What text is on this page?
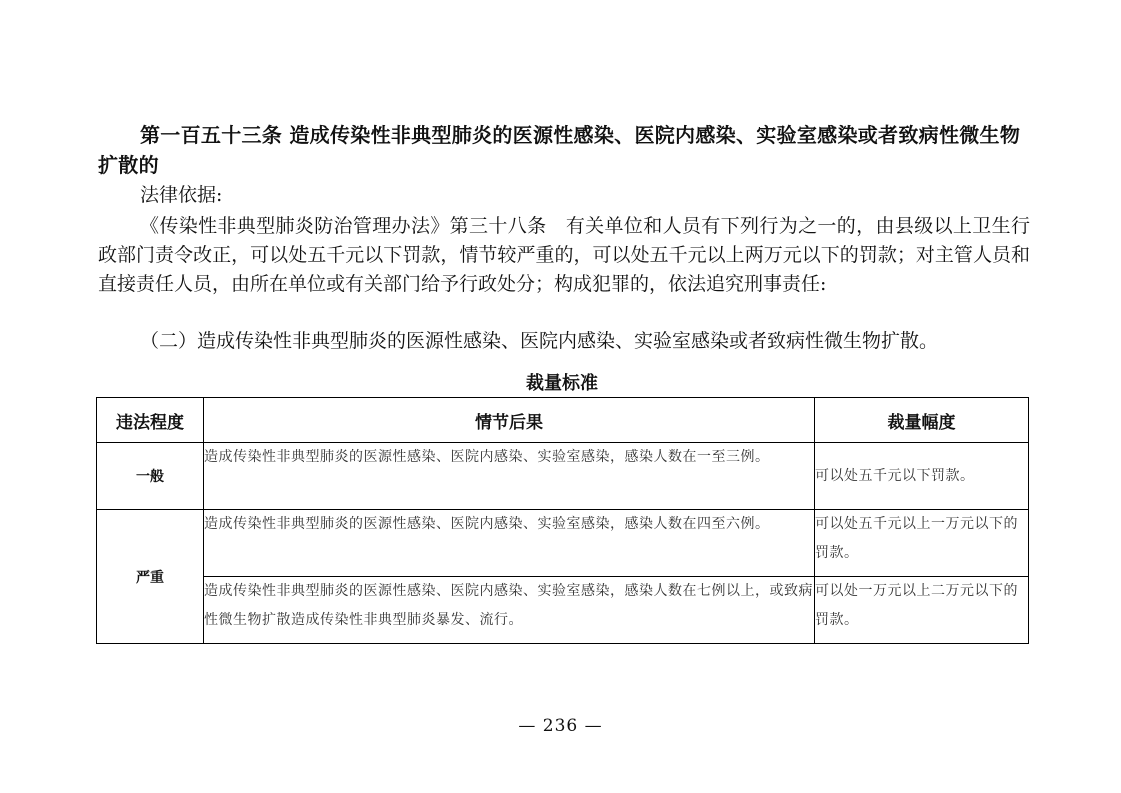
第一百五十三条 造成传染性非典型肺炎的医源性感染、医院内感染、实验室感染或者致病性微生物扩散的
法律依据:
《传染性非典型肺炎防治管理办法》第三十八条　有关单位和人员有下列行为之一的，由县级以上卫生行政部门责令改正，可以处五千元以下罚款，情节较严重的，可以处五千元以上两万元以下的罚款；对主管人员和直接责任人员，由所在单位或有关部门给予行政处分；构成犯罪的，依法追究刑事责任:
（二）造成传染性非典型肺炎的医源性感染、医院内感染、实验室感染或者致病性微生物扩散。
裁量标准
违法程度	情节后果	裁量幅度
一般	造成传染性非典型肺炎的医源性感染、医院内感染、实验室感染，感染人数在一至三例。	可以处五千元以下罚款。
严重	造成传染性非典型肺炎的医源性感染、医院内感染、实验室感染，感染人数在四至六例。	可以处五千元以上一万元以下的罚款。
	造成传染性非典型肺炎的医源性感染、医院内感染、实验室感染，感染人数在七例以上，或致病性微生物扩散造成传染性非典型肺炎暴发、流行。	可以处一万元以上二万元以下的罚款。
— 236 —
